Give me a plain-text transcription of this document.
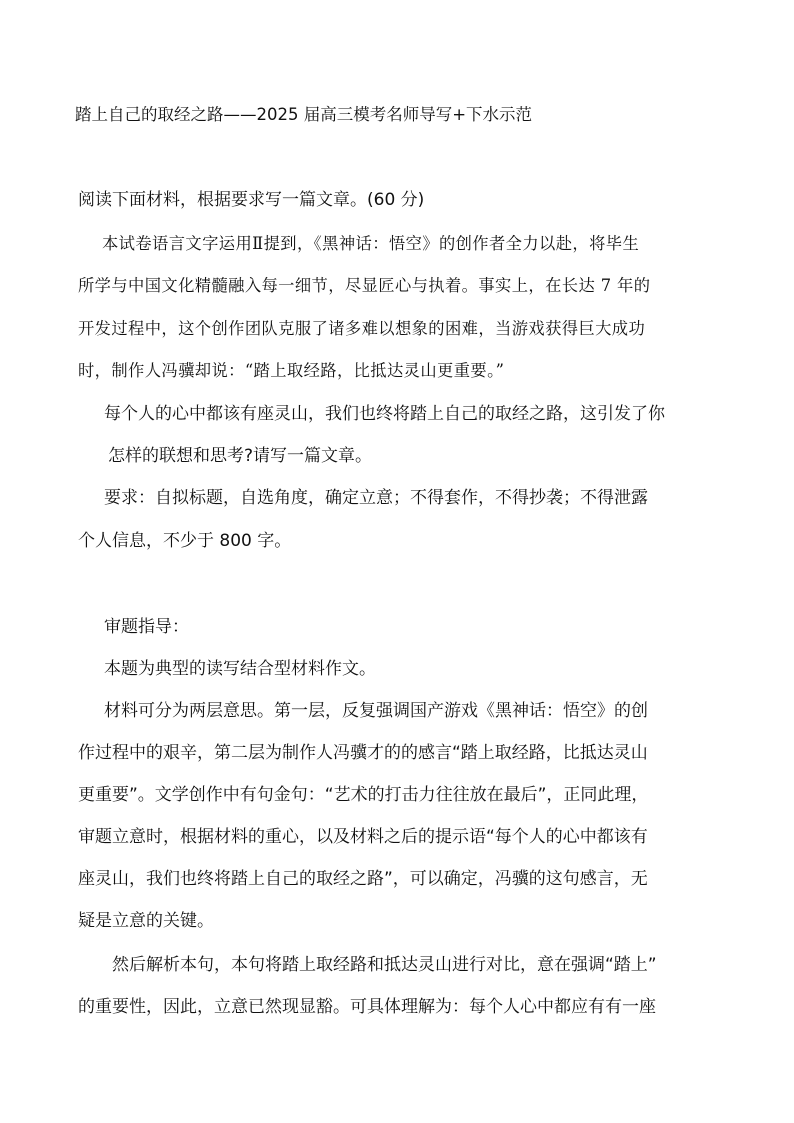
踏上自己的取经之路——2025 届高三模考名师导写+下水示范
阅读下面材料，根据要求写一篇文章。(60 分)
本试卷语言文字运用Ⅱ提到，《黑神话：悟空》的创作者全力以赴，将毕生
所学与中国文化精髓融入每一细节，尽显匠心与执着。事实上，在长达 7 年的
开发过程中，这个创作团队克服了诸多难以想象的困难，当游戏获得巨大成功
时，制作人冯骥却说：“踏上取经路，比抵达灵山更重要。”
每个人的心中都该有座灵山，我们也终将踏上自己的取经之路，这引发了你
怎样的联想和思考?请写一篇文章。
要求：自拟标题，自选角度，确定立意；不得套作，不得抄袭；不得泄露
个人信息，不少于 800 字。
审题指导：
本题为典型的读写结合型材料作文。
材料可分为两层意思。第一层，反复强调国产游戏《黑神话：悟空》的创
作过程中的艰辛，第二层为制作人冯骥才的的感言“踏上取经路，比抵达灵山
更重要”。文学创作中有句金句：“艺术的打击力往往放在最后”，正同此理，
审题立意时，根据材料的重心，以及材料之后的提示语“每个人的心中都该有
座灵山，我们也终将踏上自己的取经之路”，可以确定，冯骥的这句感言，无
疑是立意的关键。
然后解析本句，本句将踏上取经路和抵达灵山进行对比，意在强调“踏上”
的重要性，因此，立意已然现显豁。可具体理解为：每个人心中都应有有一座
